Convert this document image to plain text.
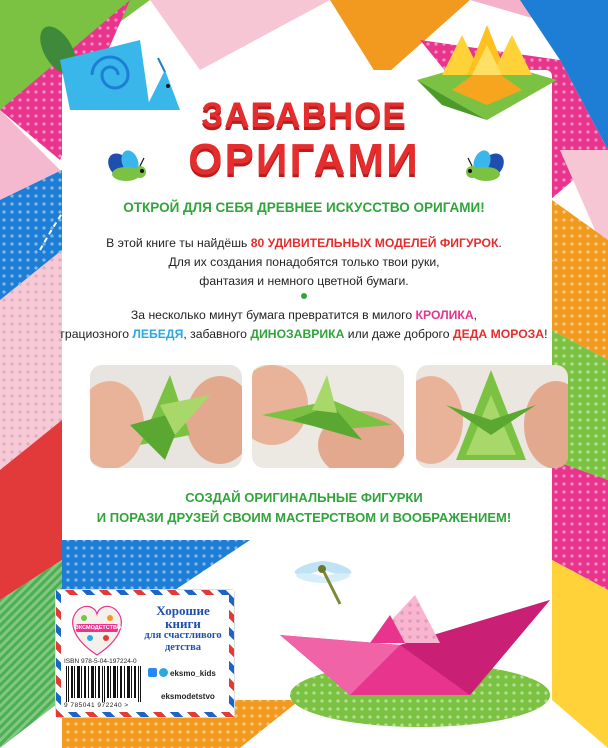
ЗАБАВНОЕ
ОРИГАМИ
ОТКРОЙ ДЛЯ СЕБЯ ДРЕВНЕЕ ИСКУССТВО ОРИГАМИ!
В этой книге ты найдёшь 80 УДИВИТЕЛЬНЫХ МОДЕЛЕЙ ФИГУРОК.
Для их создания понадобятся только твои руки,
фантазия и немного цветной бумаги.
За несколько минут бумага превратится в милого КРОЛИКА,
грациозного ЛЕБЕДЯ, забавного ДИНОЗАВРИКА или даже доброго ДЕДА МОРОЗА!
СОЗДАЙ ОРИГИНАЛЬНЫЕ ФИГУРКИ
И ПОРАЗИ ДРУЗЕЙ СВОИМ МАСТЕРСТВОМ И ВООБРАЖЕНИЕМ!
ЭКСМОДЕТСТВО
Хорошие
книги
для счастливого
детства
ISBN 978-5-04-197224-0
9 785041 972240 >
eksmo_kids
eksmodetstvo
